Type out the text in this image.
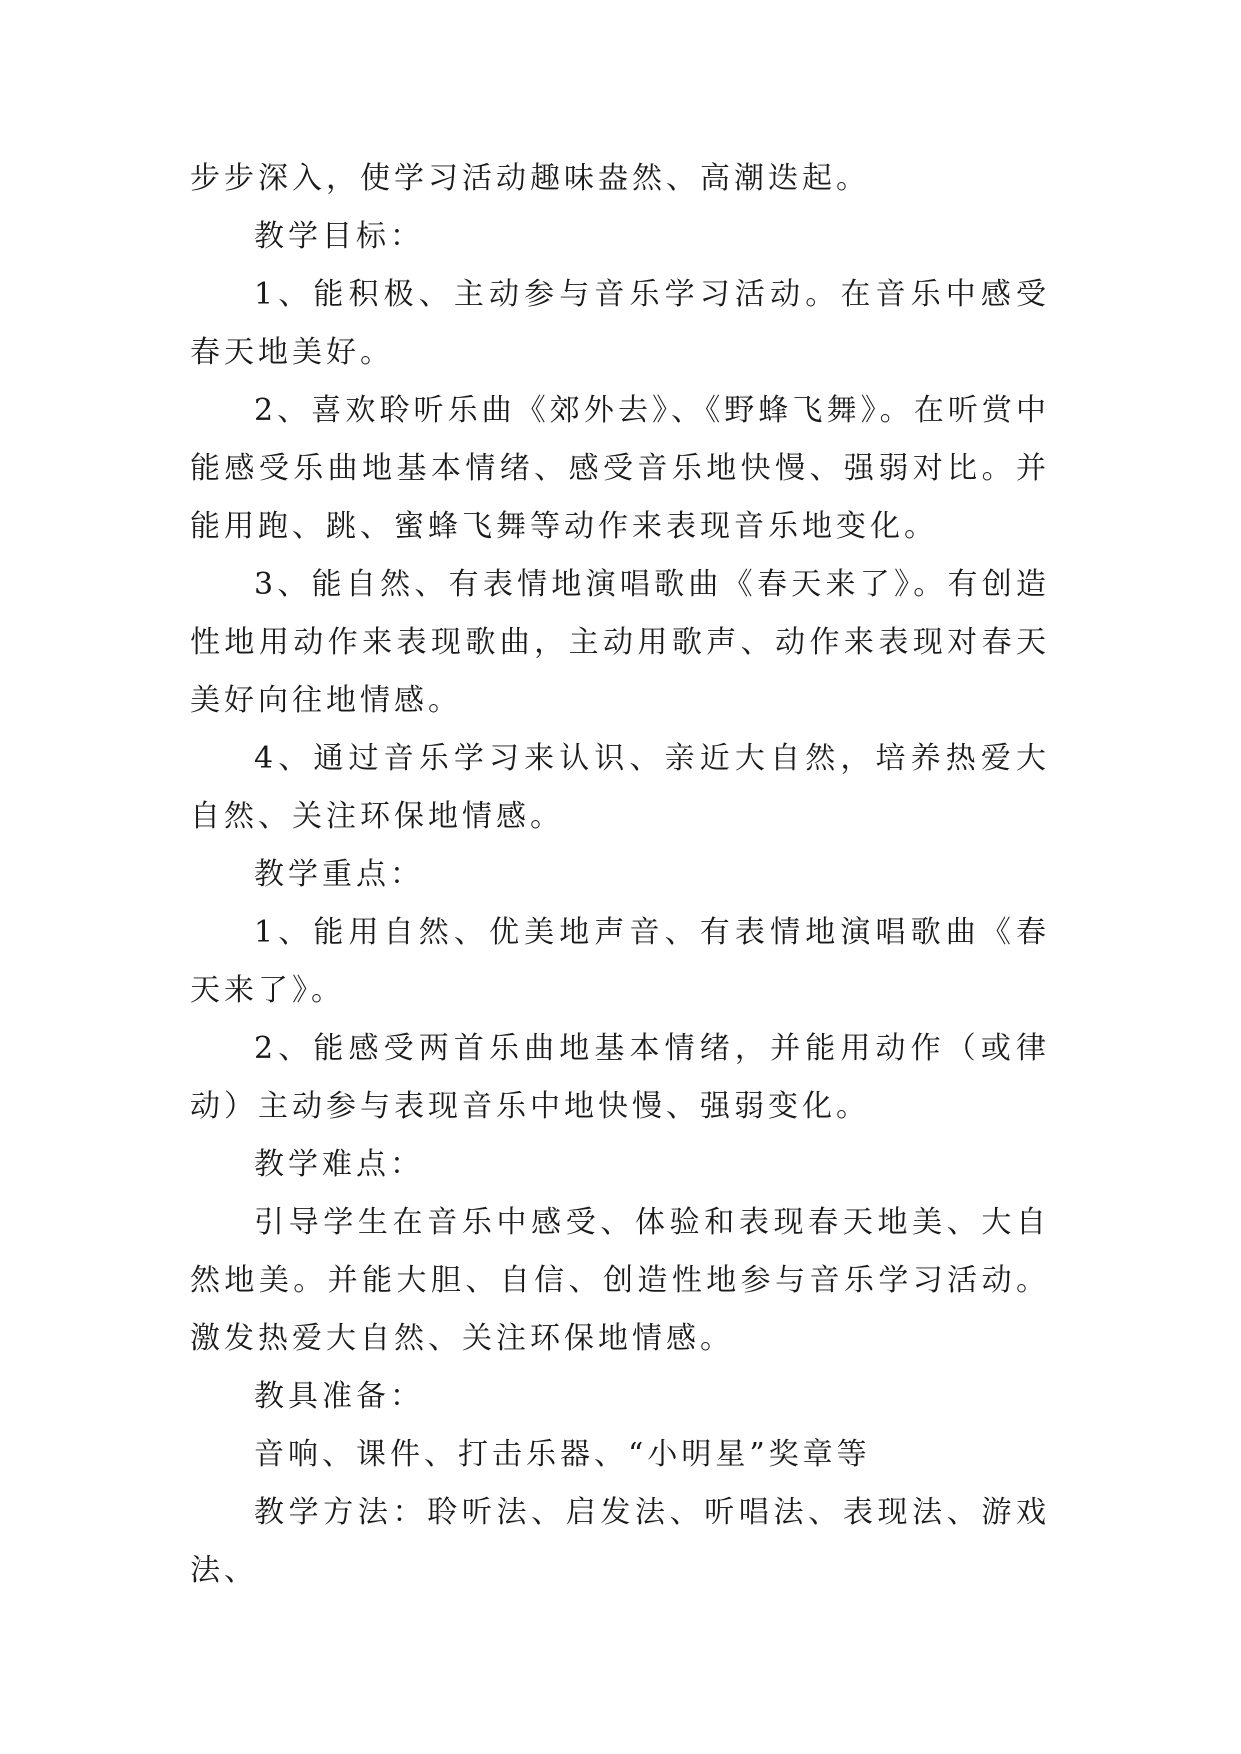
步步深入，使学习活动趣味盎然、高潮迭起。

教学目标：

1、能积极、主动参与音乐学习活动。在音乐中感受春天地美好。

2、喜欢聆听乐曲《郊外去》、《野蜂飞舞》。在听赏中能感受乐曲地基本情绪、感受音乐地快慢、强弱对比。并能用跑、跳、蜜蜂飞舞等动作来表现音乐地变化。

3、能自然、有表情地演唱歌曲《春天来了》。有创造性地用动作来表现歌曲，主动用歌声、动作来表现对春天美好向往地情感。

4、通过音乐学习来认识、亲近大自然，培养热爱大自然、关注环保地情感。

教学重点：

1、能用自然、优美地声音、有表情地演唱歌曲《春天来了》。

2、能感受两首乐曲地基本情绪，并能用动作（或律动）主动参与表现音乐中地快慢、强弱变化。

教学难点：

引导学生在音乐中感受、体验和表现春天地美、大自然地美。并能大胆、自信、创造性地参与音乐学习活动。激发热爱大自然、关注环保地情感。

教具准备：

音响、课件、打击乐器、“小明星”奖章等

教学方法：聆听法、启发法、听唱法、表现法、游戏法、
